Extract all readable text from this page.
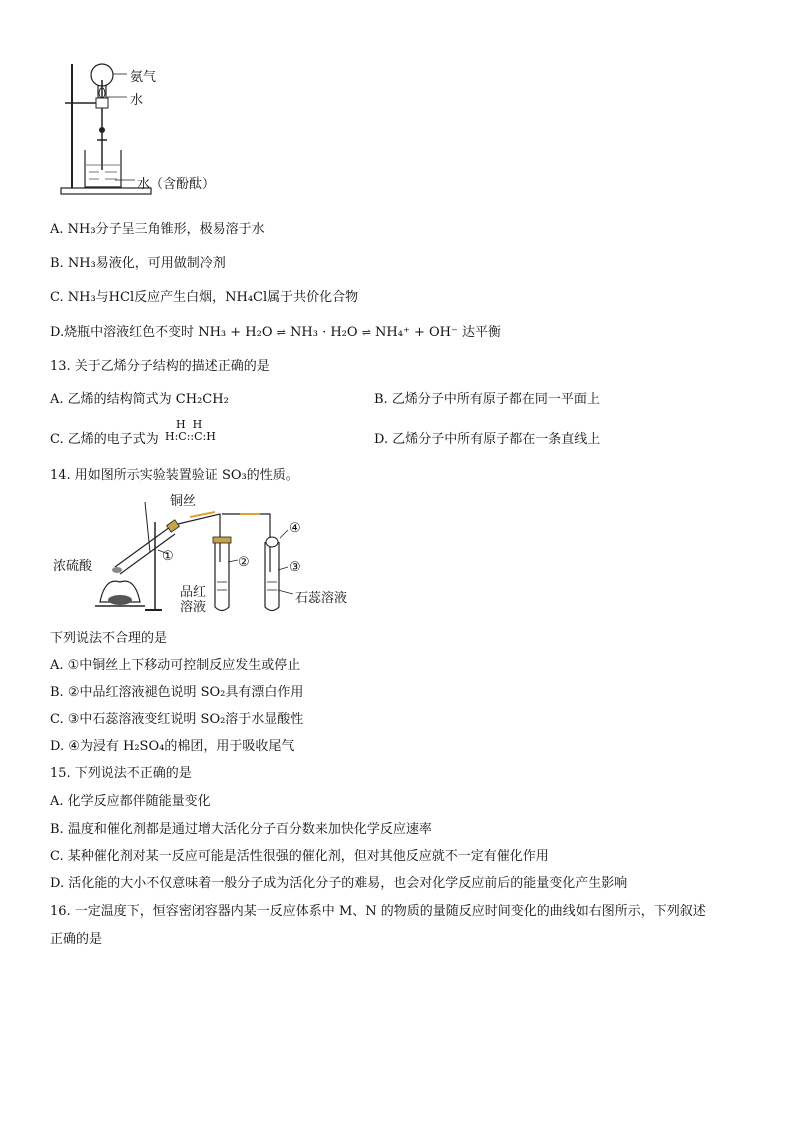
氨气
水
水（含酚酞）
A. NH₃分子呈三角锥形，极易溶于水
B. NH₃易液化，可用做制冷剂
C. NH₃与HCl反应产生白烟，NH₄Cl属于共价化合物
D.烧瓶中溶液红色不变时 NH₃ + H₂O ⇌ NH₃ · H₂O ⇌ NH₄⁺ + OH⁻ 达平衡
13. 关于乙烯分子结构的描述正确的是
A. 乙烯的结构简式为 CH₂CH₂	B. 乙烯分子中所有原子都在同一平面上
C. 乙烯的电子式为
H  H
H:C::C:H	D. 乙烯分子中所有原子都在一条直线上
14. 用如图所示实验装置验证 SO₃的性质。
铜丝
浓硫酸
①	②	③
④
品红
溶液
石蕊溶液
下列说法不合理的是
A. ①中铜丝上下移动可控制反应发生或停止
B. ②中品红溶液褪色说明 SO₂具有漂白作用
C. ③中石蕊溶液变红说明 SO₂溶于水显酸性
D. ④为浸有 H₂SO₄的棉团，用于吸收尾气
15. 下列说法不正确的是
A. 化学反应都伴随能量变化
B. 温度和催化剂都是通过增大活化分子百分数来加快化学反应速率
C. 某种催化剂对某一反应可能是活性很强的催化剂，但对其他反应就不一定有催化作用
D. 活化能的大小不仅意味着一般分子成为活化分子的难易，也会对化学反应前后的能量变化产生影响
16. 一定温度下，恒容密闭容器内某一反应体系中 M、N 的物质的量随反应时间变化的曲线如右图所示，下列叙述
正确的是
